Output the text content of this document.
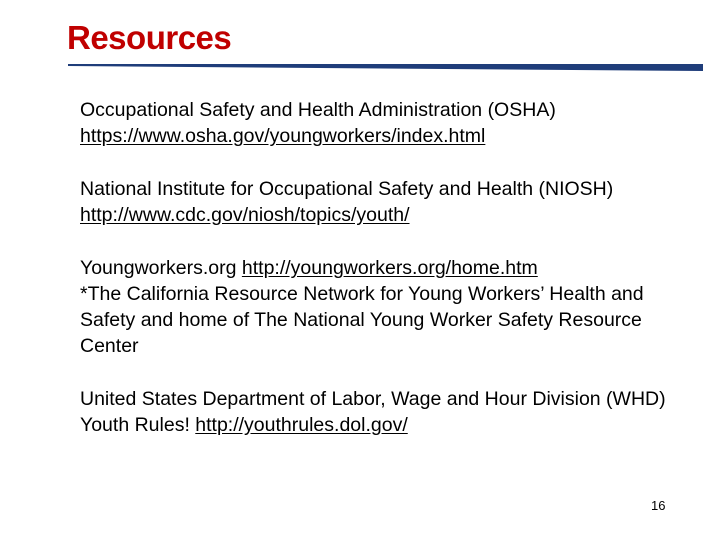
Resources

Occupational Safety and Health Administration (OSHA)
https://www.osha.gov/youngworkers/index.html

National Institute for Occupational Safety and Health (NIOSH)  http://www.cdc.gov/niosh/topics/youth/

Youngworkers.org http://youngworkers.org/home.htm
*The California Resource Network for Young Workers’ Health and Safety and home of The National Young Worker Safety Resource Center

United States Department of Labor, Wage and Hour Division (WHD) Youth Rules! http://youthrules.dol.gov/

16
